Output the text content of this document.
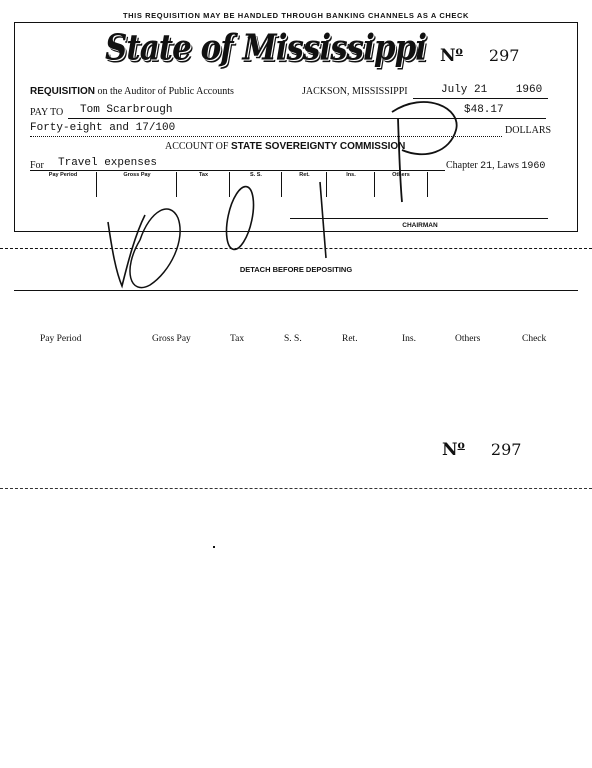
THIS REQUISITION MAY BE HANDLED THROUGH BANKING CHANNELS AS A CHECK
State of Mississippi $N^o$ 297
REQUISITION on the Auditor of Public Accounts	JACKSON, MISSISSIPPI	July 21	1960
PAY TO	Tom Scarbrough	$48.17
Forty-eight and 17/100	DOLLARS
ACCOUNT OF STATE SOVEREIGNTY COMMISSION
For	Travel expenses	Chapter 21, Laws 1960
Pay Period	Gross Pay	Tax	S. S.	Ret.	Ins.	Others
CHAIRMAN
DETACH BEFORE DEPOSITING
Pay Period	Gross Pay	Tax	S. S.	Ret.	Ins.	Others	Check
$N^o$ 297
